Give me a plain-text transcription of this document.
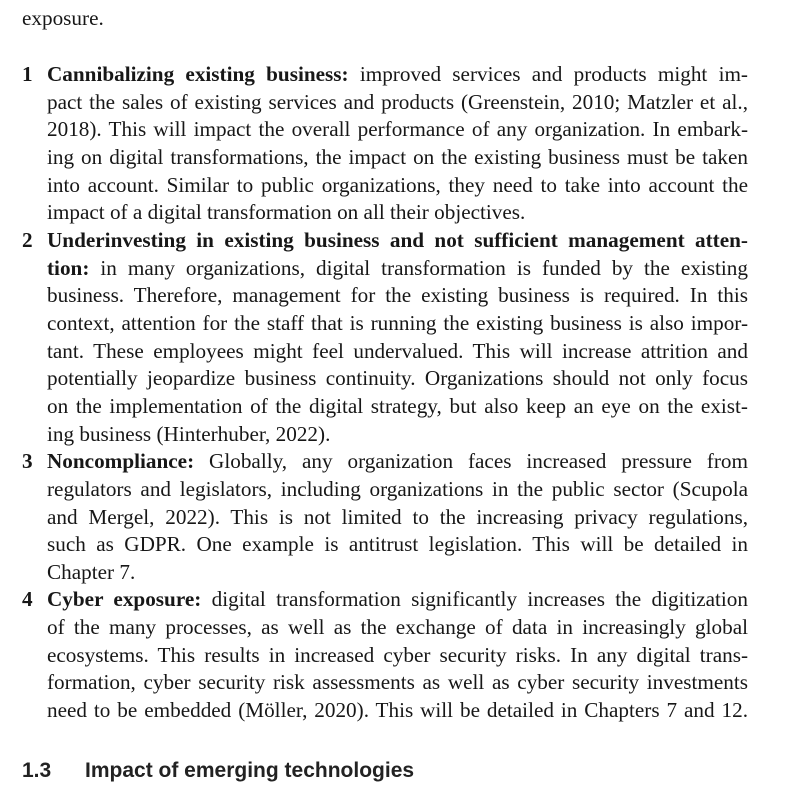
exposure.
1 Cannibalizing existing business: improved services and products might im-
pact the sales of existing services and products (Greenstein, 2010; Matzler et al.,
2018). This will impact the overall performance of any organization. In embark-
ing on digital transformations, the impact on the existing business must be taken
into account. Similar to public organizations, they need to take into account the
impact of a digital transformation on all their objectives.
2 Underinvesting in existing business and not sufficient management atten-
tion: in many organizations, digital transformation is funded by the existing
business. Therefore, management for the existing business is required. In this
context, attention for the staff that is running the existing business is also impor-
tant. These employees might feel undervalued. This will increase attrition and
potentially jeopardize business continuity. Organizations should not only focus
on the implementation of the digital strategy, but also keep an eye on the exist-
ing business (Hinterhuber, 2022).
3 Noncompliance: Globally, any organization faces increased pressure from
regulators and legislators, including organizations in the public sector (Scupola
and Mergel, 2022). This is not limited to the increasing privacy regulations,
such as GDPR. One example is antitrust legislation. This will be detailed in
Chapter 7.
4 Cyber exposure: digital transformation significantly increases the digitization
of the many processes, as well as the exchange of data in increasingly global
ecosystems. This results in increased cyber security risks. In any digital trans-
formation, cyber security risk assessments as well as cyber security investments
need to be embedded (Möller, 2020). This will be detailed in Chapters 7 and 12.
1.3 Impact of emerging technologies
